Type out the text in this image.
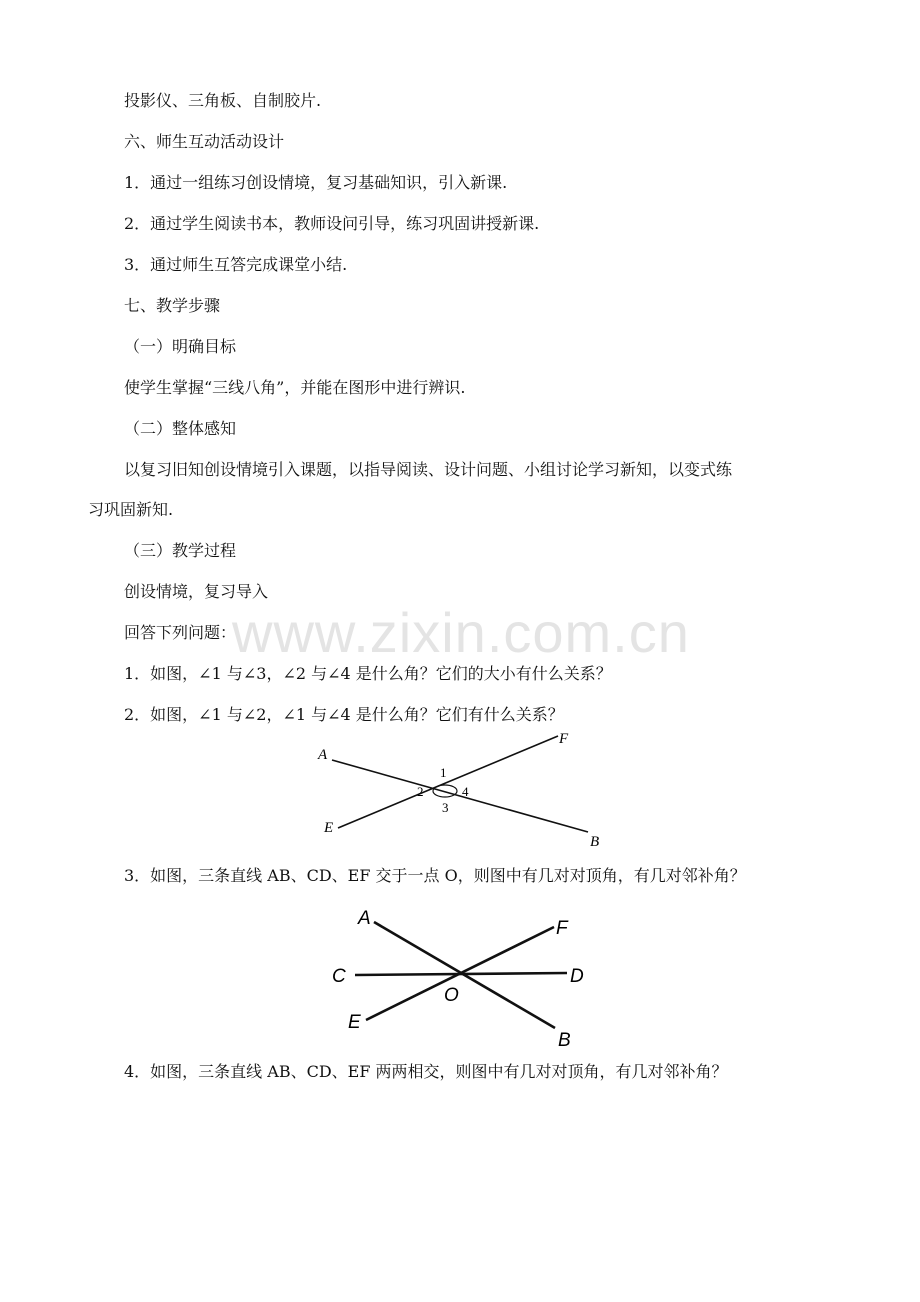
www.zixin.com.cn
投影仪、三角板、自制胶片.
六、师生互动活动设计
1．通过一组练习创设情境，复习基础知识，引入新课.
2．通过学生阅读书本，教师设问引导，练习巩固讲授新课.
3．通过师生互答完成课堂小结.
七、教学步骤
（一）明确目标
使学生掌握“三线八角”，并能在图形中进行辨识.
（二）整体感知
以复习旧知创设情境引入课题，以指导阅读、设计问题、小组讨论学习新知，以变式练
习巩固新知.
（三）教学过程
创设情境，复习导入
回答下列问题：
1．如图，∠1 与∠3，∠2 与∠4 是什么角？它们的大小有什么关系？
2．如图，∠1 与∠2，∠1 与∠4 是什么角？它们有什么关系？
A
F
E
B
1
2
3
4
3．如图，三条直线 AB、CD、EF 交于一点 O，则图中有几对对顶角，有几对邻补角？
A	F
C	D
O
E
B
4．如图，三条直线 AB、CD、EF 两两相交，则图中有几对对顶角，有几对邻补角？
